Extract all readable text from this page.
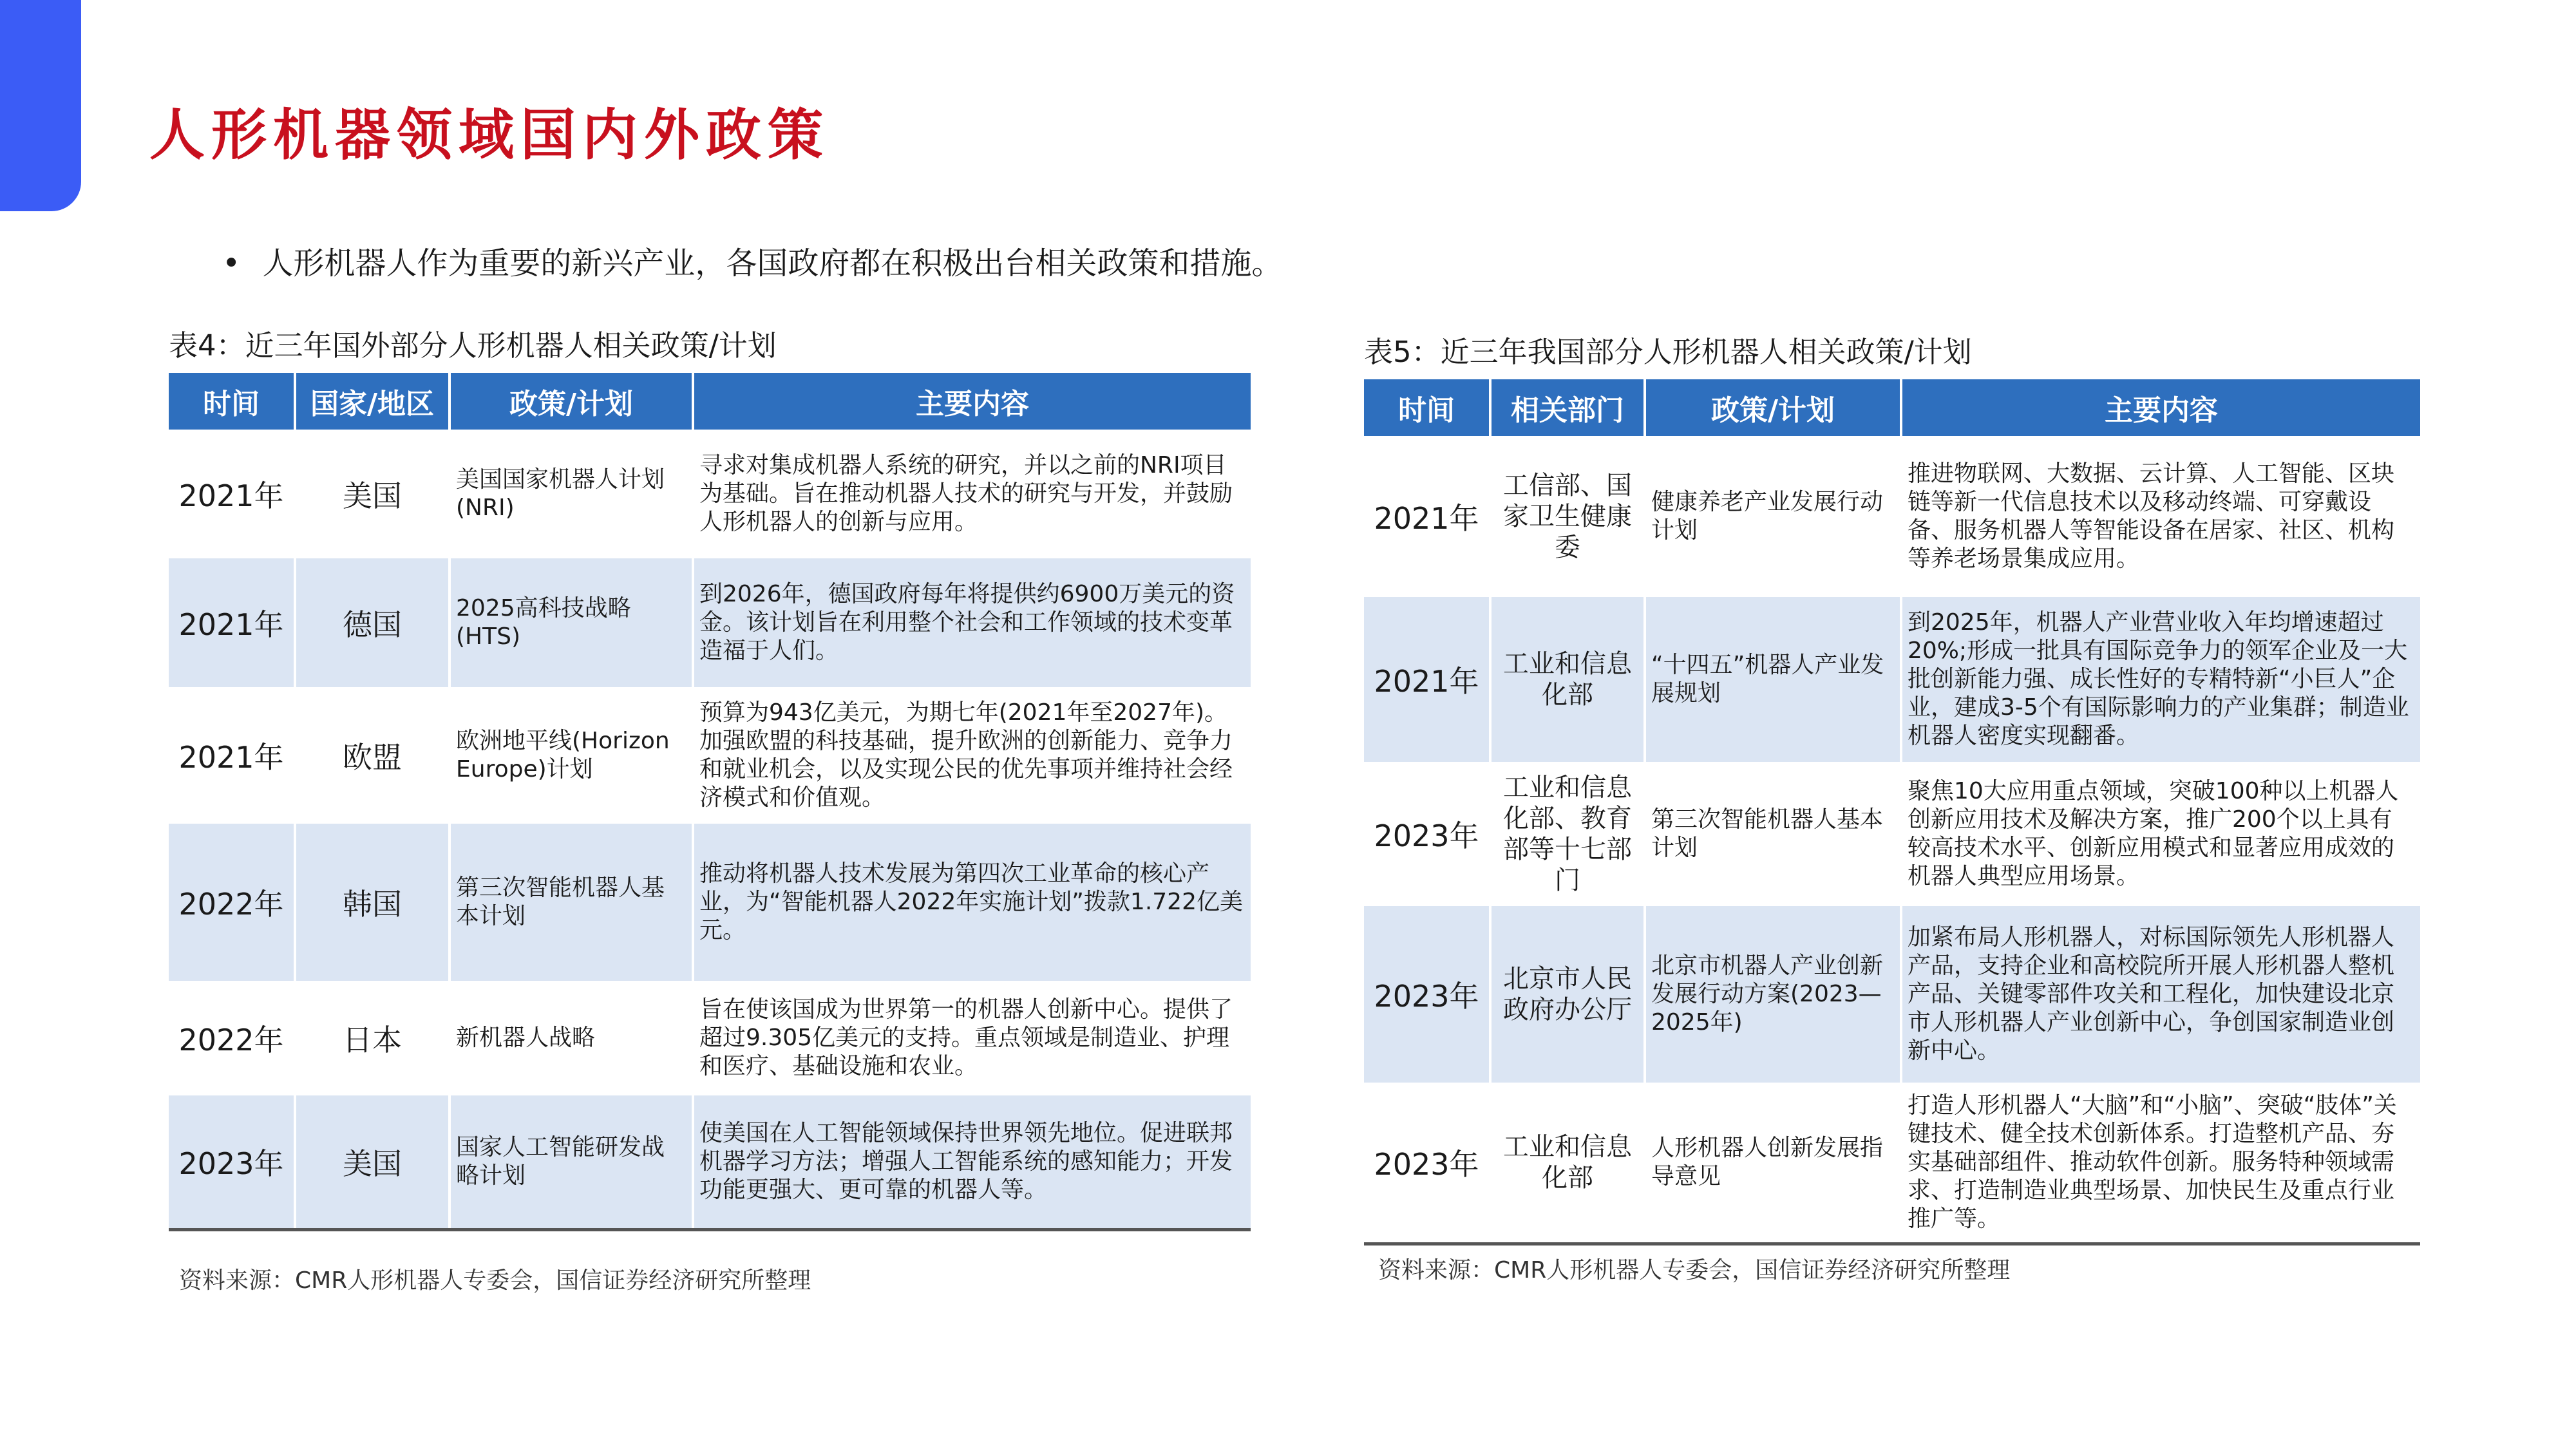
人形机器领域国内外政策
• 人形机器人作为重要的新兴产业，各国政府都在积极出台相关政策和措施。
表4：近三年国外部分人形机器人相关政策/计划
时间	国家/地区	政策/计划	主要内容
2021年	美国	美国国家机器人计划(NRI)	寻求对集成机器人系统的研究，并以之前的NRI项目为基础。旨在推动机器人技术的研究与开发，并鼓励人形机器人的创新与应用。
2021年	德国	2025高科技战略(HTS)	到2026年，德国政府每年将提供约6900万美元的资金。该计划旨在利用整个社会和工作领域的技术变革造福于人们。
2021年	欧盟	欧洲地平线(Horizon Europe)计划	预算为943亿美元，为期七年(2021年至2027年)。加强欧盟的科技基础，提升欧洲的创新能力、竞争力和就业机会，以及实现公民的优先事项并维持社会经济模式和价值观。
2022年	韩国	第三次智能机器人基本计划	推动将机器人技术发展为第四次工业革命的核心产业，为“智能机器人2022年实施计划”拨款1.722亿美元。
2022年	日本	新机器人战略	旨在使该国成为世界第一的机器人创新中心。提供了超过9.305亿美元的支持。重点领域是制造业、护理和医疗、基础设施和农业。
2023年	美国	国家人工智能研发战略计划	使美国在人工智能领域保持世界领先地位。促进联邦机器学习方法；增强人工智能系统的感知能力；开发功能更强大、更可靠的机器人等。
资料来源：CMR人形机器人专委会，国信证券经济研究所整理
表5：近三年我国部分人形机器人相关政策/计划
时间	相关部门	政策/计划	主要内容
2021年	工信部、国家卫生健康委	健康养老产业发展行动计划	推进物联网、大数据、云计算、人工智能、区块链等新一代信息技术以及移动终端、可穿戴设备、服务机器人等智能设备在居家、社区、机构等养老场景集成应用。
2021年	工业和信息化部	“十四五”机器人产业发展规划	到2025年，机器人产业营业收入年均增速超过20%;形成一批具有国际竞争力的领军企业及一大批创新能力强、成长性好的专精特新“小巨人”企业，建成3-5个有国际影响力的产业集群；制造业机器人密度实现翻番。
2023年	工业和信息化部、教育部等十七部门	第三次智能机器人基本计划	聚焦10大应用重点领域，突破100种以上机器人创新应用技术及解决方案，推广200个以上具有较高技术水平、创新应用模式和显著应用成效的机器人典型应用场景。
2023年	北京市人民政府办公厅	北京市机器人产业创新发展行动方案(2023—2025年)	加紧布局人形机器人，对标国际领先人形机器人产品，支持企业和高校院所开展人形机器人整机产品、关键零部件攻关和工程化，加快建设北京市人形机器人产业创新中心，争创国家制造业创新中心。
2023年	工业和信息化部	人形机器人创新发展指导意见	打造人形机器人“大脑”和“小脑”、突破“肢体”关键技术、健全技术创新体系。打造整机产品、夯实基础部组件、推动软件创新。服务特种领域需求、打造制造业典型场景、加快民生及重点行业推广等。
资料来源：CMR人形机器人专委会，国信证券经济研究所整理
